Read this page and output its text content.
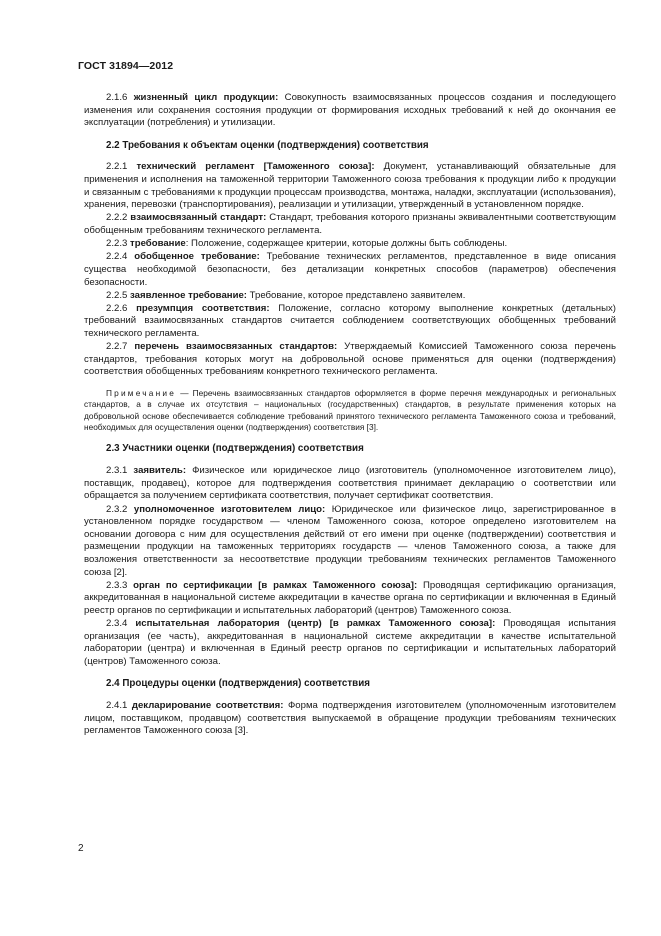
ГОСТ 31894—2012

2.1.6 жизненный цикл продукции: Совокупность взаимосвязанных процессов создания и последующего изменения или сохранения состояния продукции от формирования исходных требований к ней до окончания ее эксплуатации (потребления) и утилизации.

2.2 Требования к объектам оценки (подтверждения) соответствия

2.2.1 технический регламент [Таможенного союза]: Документ, устанавливающий обязательные для применения и исполнения на таможенной территории Таможенного союза требования к продукции либо к продукции и связанным с требованиями к продукции процессам производства, монтажа, наладки, эксплуатации (использования), хранения, перевозки (транспортирования), реализации и утилизации, утвержденный в установленном порядке.

2.2.2 взаимосвязанный стандарт: Стандарт, требования которого признаны эквивалентными соответствующим обобщенным требованиям технического регламента.

2.2.3 требование: Положение, содержащее критерии, которые должны быть соблюдены.

2.2.4 обобщенное требование: Требование технических регламентов, представленное в виде описания существа необходимой безопасности, без детализации конкретных способов (параметров) обеспечения безопасности.

2.2.5 заявленное требование: Требование, которое представлено заявителем.

2.2.6 презумпция соответствия: Положение, согласно которому выполнение конкретных (детальных) требований взаимосвязанных стандартов считается соблюдением соответствующих обобщенных требований технического регламента.

2.2.7 перечень взаимосвязанных стандартов: Утверждаемый Комиссией Таможенного союза перечень стандартов, требования которых могут на добровольной основе применяться для оценки (подтверждения) соответствия обобщенных требованиям конкретного технического регламента.

Примечание — Перечень взаимосвязанных стандартов оформляется в форме перечня международных и региональных стандартов, а в случае их отсутствия – национальных (государственных) стандартов, в результате применения которых на добровольной основе обеспечивается соблюдение требований принятого технического регламента Таможенного союза и требований, необходимых для осуществления оценки (подтверждения) соответствия [3].

2.3 Участники оценки (подтверждения) соответствия

2.3.1 заявитель: Физическое или юридическое лицо (изготовитель (уполномоченное изготовителем лицо), поставщик, продавец), которое для подтверждения соответствия принимает декларацию о соответствии или обращается за получением сертификата соответствия, получает сертификат соответствия.

2.3.2 уполномоченное изготовителем лицо: Юридическое или физическое лицо, зарегистрированное в установленном порядке государством — членом Таможенного союза, которое определено изготовителем на основании договора с ним для осуществления действий от его имени при оценке (подтверждении) соответствия и размещении продукции на таможенных территориях государств — членов Таможенного союза, а также для возложения ответственности за несоответствие продукции требованиям технических регламентов Таможенного союза [2].

2.3.3 орган по сертификации [в рамках Таможенного союза]: Проводящая сертификацию организация, аккредитованная в национальной системе аккредитации в качестве органа по сертификации и включенная в Единый реестр органов по сертификации и испытательных лабораторий (центров) Таможенного союза.

2.3.4 испытательная лаборатория (центр) [в рамках Таможенного союза]: Проводящая испытания организация (ее часть), аккредитованная в национальной системе аккредитации в качестве испытательной лаборатории (центра) и включенная в Единый реестр органов по сертификации и испытательных лабораторий (центров) Таможенного союза.

2.4 Процедуры оценки (подтверждения) соответствия

2.4.1 декларирование соответствия: Форма подтверждения изготовителем (уполномоченным изготовителем лицом, поставщиком, продавцом) соответствия выпускаемой в обращение продукции требованиям технических регламентов Таможенного союза [3].

2
